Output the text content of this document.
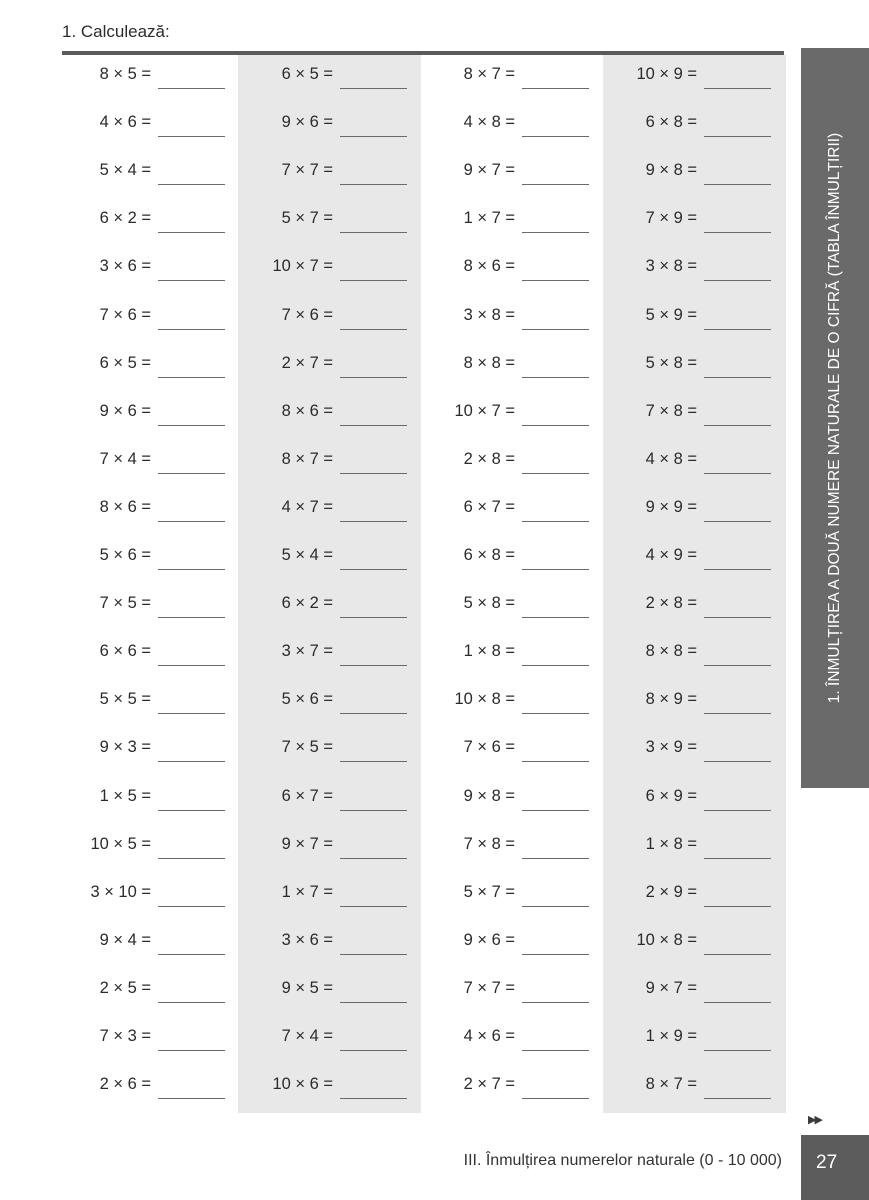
1. Calculează:
8 × 5 =	6 × 5 =	8 × 7 =	10 × 9 =
4 × 6 =	9 × 6 =	4 × 8 =	6 × 8 =
5 × 4 =	7 × 7 =	9 × 7 =	9 × 8 =
6 × 2 =	5 × 7 =	1 × 7 =	7 × 9 =
3 × 6 =	10 × 7 =	8 × 6 =	3 × 8 =
7 × 6 =	7 × 6 =	3 × 8 =	5 × 9 =
6 × 5 =	2 × 7 =	8 × 8 =	5 × 8 =
9 × 6 =	8 × 6 =	10 × 7 =	7 × 8 =
7 × 4 =	8 × 7 =	2 × 8 =	4 × 8 =
8 × 6 =	4 × 7 =	6 × 7 =	9 × 9 =
5 × 6 =	5 × 4 =	6 × 8 =	4 × 9 =
7 × 5 =	6 × 2 =	5 × 8 =	2 × 8 =
6 × 6 =	3 × 7 =	1 × 8 =	8 × 8 =
5 × 5 =	5 × 6 =	10 × 8 =	8 × 9 =
9 × 3 =	7 × 5 =	7 × 6 =	3 × 9 =
1 × 5 =	6 × 7 =	9 × 8 =	6 × 9 =
10 × 5 =	9 × 7 =	7 × 8 =	1 × 8 =
3 × 10 =	1 × 7 =	5 × 7 =	2 × 9 =
9 × 4 =	3 × 6 =	9 × 6 =	10 × 8 =
2 × 5 =	9 × 5 =	7 × 7 =	9 × 7 =
7 × 3 =	7 × 4 =	4 × 6 =	1 × 9 =
2 × 6 =	10 × 6 =	2 × 7 =	8 × 7 =
1. ÎNMULȚIREA A DOUĂ NUMERE NATURALE DE O CIFRĂ (TABLA ÎNMULȚIRII)
▶▶
III. Înmulțirea numerelor naturale (0 - 10 000) 27
